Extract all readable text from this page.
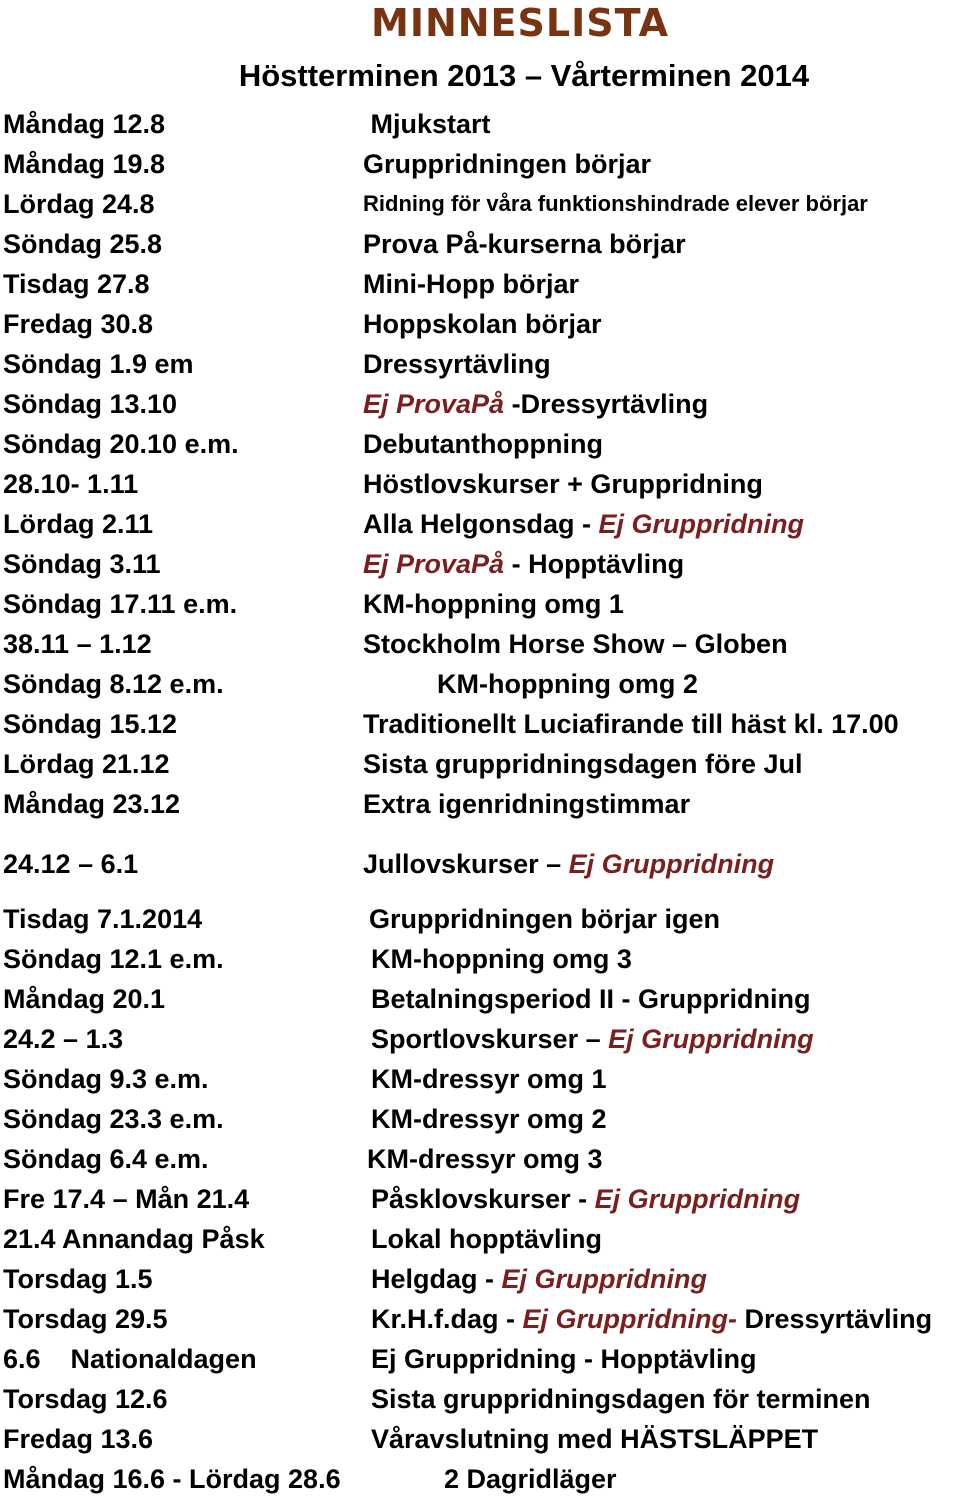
MINNESLISTA
Höstterminen 2013 – Vårterminen 2014
Måndag 12.8	Mjukstart
Måndag 19.8	Gruppridningen börjar
Lördag 24.8	Ridning för våra funktionshindrade elever börjar
Söndag 25.8	Prova På-kurserna börjar
Tisdag 27.8	Mini-Hopp börjar
Fredag 30.8	Hoppskolan börjar
Söndag 1.9 em	Dressyrtävling
Söndag 13.10	Ej ProvaPå -Dressyrtävling
Söndag 20.10 e.m.	Debutanthoppning
28.10- 1.11	Höstlovskurser + Gruppridning
Lördag 2.11	Alla Helgonsdag - Ej Gruppridning
Söndag 3.11	Ej ProvaPå - Hopptävling
Söndag 17.11 e.m.	KM-hoppning omg 1
38.11 – 1.12	Stockholm Horse Show – Globen
Söndag 8.12 e.m.	KM-hoppning omg 2
Söndag 15.12	Traditionellt Luciafirande till häst kl. 17.00
Lördag 21.12	Sista gruppridningsdagen före Jul
Måndag 23.12	Extra igenridningstimmar
24.12 – 6.1	Jullovskurser – Ej Gruppridning
Tisdag 7.1.2014	Gruppridningen börjar igen
Söndag 12.1 e.m.	KM-hoppning omg 3
Måndag 20.1	Betalningsperiod II - Gruppridning
24.2 – 1.3	Sportlovskurser – Ej Gruppridning
Söndag 9.3 e.m.	KM-dressyr omg 1
Söndag 23.3 e.m.	KM-dressyr omg 2
Söndag 6.4 e.m.	KM-dressyr omg 3
Fre 17.4 – Mån 21.4	Påsklovskurser - Ej Gruppridning
21.4 Annandag Påsk	Lokal hopptävling
Torsdag 1.5	Helgdag - Ej Gruppridning
Torsdag 29.5	Kr.H.f.dag - Ej Gruppridning- Dressyrtävling
6.6    Nationaldagen	Ej Gruppridning - Hopptävling
Torsdag 12.6	Sista gruppridningsdagen för terminen
Fredag 13.6	Våravslutning med HÄSTSLÄPPET
Måndag 16.6 - Lördag 28.6	2 Dagridläger
